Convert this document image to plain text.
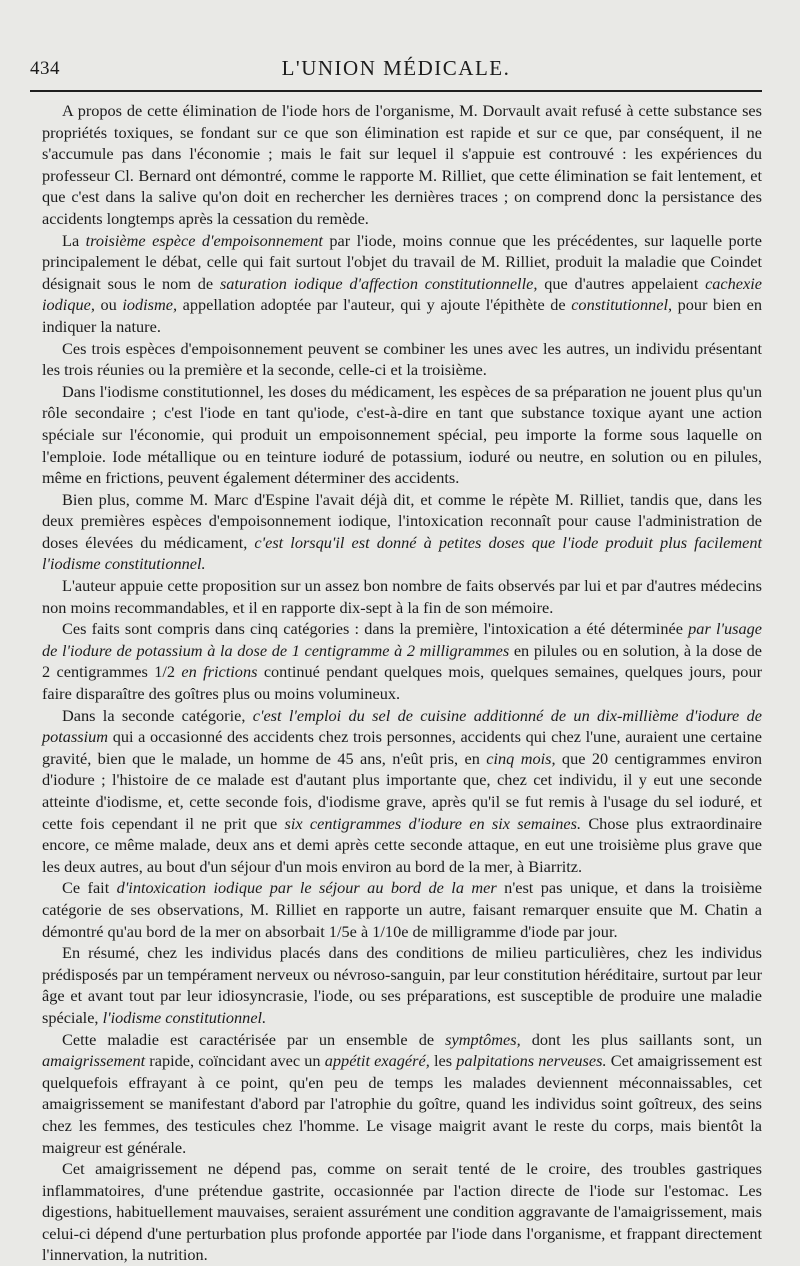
434	L'UNION MÉDICALE.

A propos de cette élimination de l'iode hors de l'organisme, M. Dorvault avait refusé à cette substance ses propriétés toxiques, se fondant sur ce que son élimination est rapide et sur ce que, par conséquent, il ne s'accumule pas dans l'économie ; mais le fait sur lequel il s'appuie est controuvé : les expériences du professeur Cl. Bernard ont démontré, comme le rapporte M. Rilliet, que cette élimination se fait lentement, et que c'est dans la salive qu'on doit en rechercher les dernières traces ; on comprend donc la persistance des accidents longtemps après la cessation du remède.

La troisième espèce d'empoisonnement par l'iode, moins connue que les précédentes, sur laquelle porte principalement le débat, celle qui fait surtout l'objet du travail de M. Rilliet, produit la maladie que Coindet désignait sous le nom de saturation iodique d'affection constitutionnelle, que d'autres appelaient cachexie iodique, ou iodisme, appellation adoptée par l'auteur, qui y ajoute l'épithète de constitutionnel, pour bien en indiquer la nature.

Ces trois espèces d'empoisonnement peuvent se combiner les unes avec les autres, un individu présentant les trois réunies ou la première et la seconde, celle-ci et la troisième.

Dans l'iodisme constitutionnel, les doses du médicament, les espèces de sa préparation ne jouent plus qu'un rôle secondaire ; c'est l'iode en tant qu'iode, c'est-à-dire en tant que substance toxique ayant une action spéciale sur l'économie, qui produit un empoisonnement spécial, peu importe la forme sous laquelle on l'emploie. Iode métallique ou en teinture ioduré de potassium, ioduré ou neutre, en solution ou en pilules, même en frictions, peuvent également déterminer des accidents.

Bien plus, comme M. Marc d'Espine l'avait déjà dit, et comme le répète M. Rilliet, tandis que, dans les deux premières espèces d'empoisonnement iodique, l'intoxication reconnaît pour cause l'administration de doses élevées du médicament, c'est lorsqu'il est donné à petites doses que l'iode produit plus facilement l'iodisme constitutionnel.

L'auteur appuie cette proposition sur un assez bon nombre de faits observés par lui et par d'autres médecins non moins recommandables, et il en rapporte dix-sept à la fin de son mémoire.

Ces faits sont compris dans cinq catégories : dans la première, l'intoxication a été déterminée par l'usage de l'iodure de potassium à la dose de 1 centigramme à 2 milligrammes en pilules ou en solution, à la dose de 2 centigrammes 1/2 en frictions continué pendant quelques mois, quelques semaines, quelques jours, pour faire disparaître des goîtres plus ou moins volumineux.

Dans la seconde catégorie, c'est l'emploi du sel de cuisine additionné de un dix-millième d'iodure de potassium qui a occasionné des accidents chez trois personnes, accidents qui chez l'une, auraient une certaine gravité, bien que le malade, un homme de 45 ans, n'eût pris, en cinq mois, que 20 centigrammes environ d'iodure ; l'histoire de ce malade est d'autant plus importante que, chez cet individu, il y eut une seconde atteinte d'iodisme, et, cette seconde fois, d'iodisme grave, après qu'il se fut remis à l'usage du sel ioduré, et cette fois cependant il ne prit que six centigrammes d'iodure en six semaines. Chose plus extraordinaire encore, ce même malade, deux ans et demi après cette seconde attaque, en eut une troisième plus grave que les deux autres, au bout d'un séjour d'un mois environ au bord de la mer, à Biarritz.

Ce fait d'intoxication iodique par le séjour au bord de la mer n'est pas unique, et dans la troisième catégorie de ses observations, M. Rilliet en rapporte un autre, faisant remarquer ensuite que M. Chatin a démontré qu'au bord de la mer on absorbait 1/5e à 1/10e de milligramme d'iode par jour.

En résumé, chez les individus placés dans des conditions de milieu particulières, chez les individus prédisposés par un tempérament nerveux ou névroso-sanguin, par leur constitution héréditaire, surtout par leur âge et avant tout par leur idiosyncrasie, l'iode, ou ses préparations, est susceptible de produire une maladie spéciale, l'iodisme constitutionnel.

Cette maladie est caractérisée par un ensemble de symptômes, dont les plus saillants sont, un amaigrissement rapide, coïncidant avec un appétit exagéré, les palpitations nerveuses. Cet amaigrissement est quelquefois effrayant à ce point, qu'en peu de temps les malades deviennent méconnaissables, cet amaigrissement se manifestant d'abord par l'atrophie du goître, quand les individus soint goîtreux, des seins chez les femmes, des testicules chez l'homme. Le visage maigrit avant le reste du corps, mais bientôt la maigreur est générale.

Cet amaigrissement ne dépend pas, comme on serait tenté de le croire, des troubles gastriques inflammatoires, d'une prétendue gastrite, occasionnée par l'action directe de l'iode sur l'estomac. Les digestions, habituellement mauvaises, seraient assurément une condition aggravante de l'amaigrissement, mais celui-ci dépend d'une perturbation plus profonde apportée par l'iode dans l'organisme, et frappant directement l'innervation, la nutrition.
